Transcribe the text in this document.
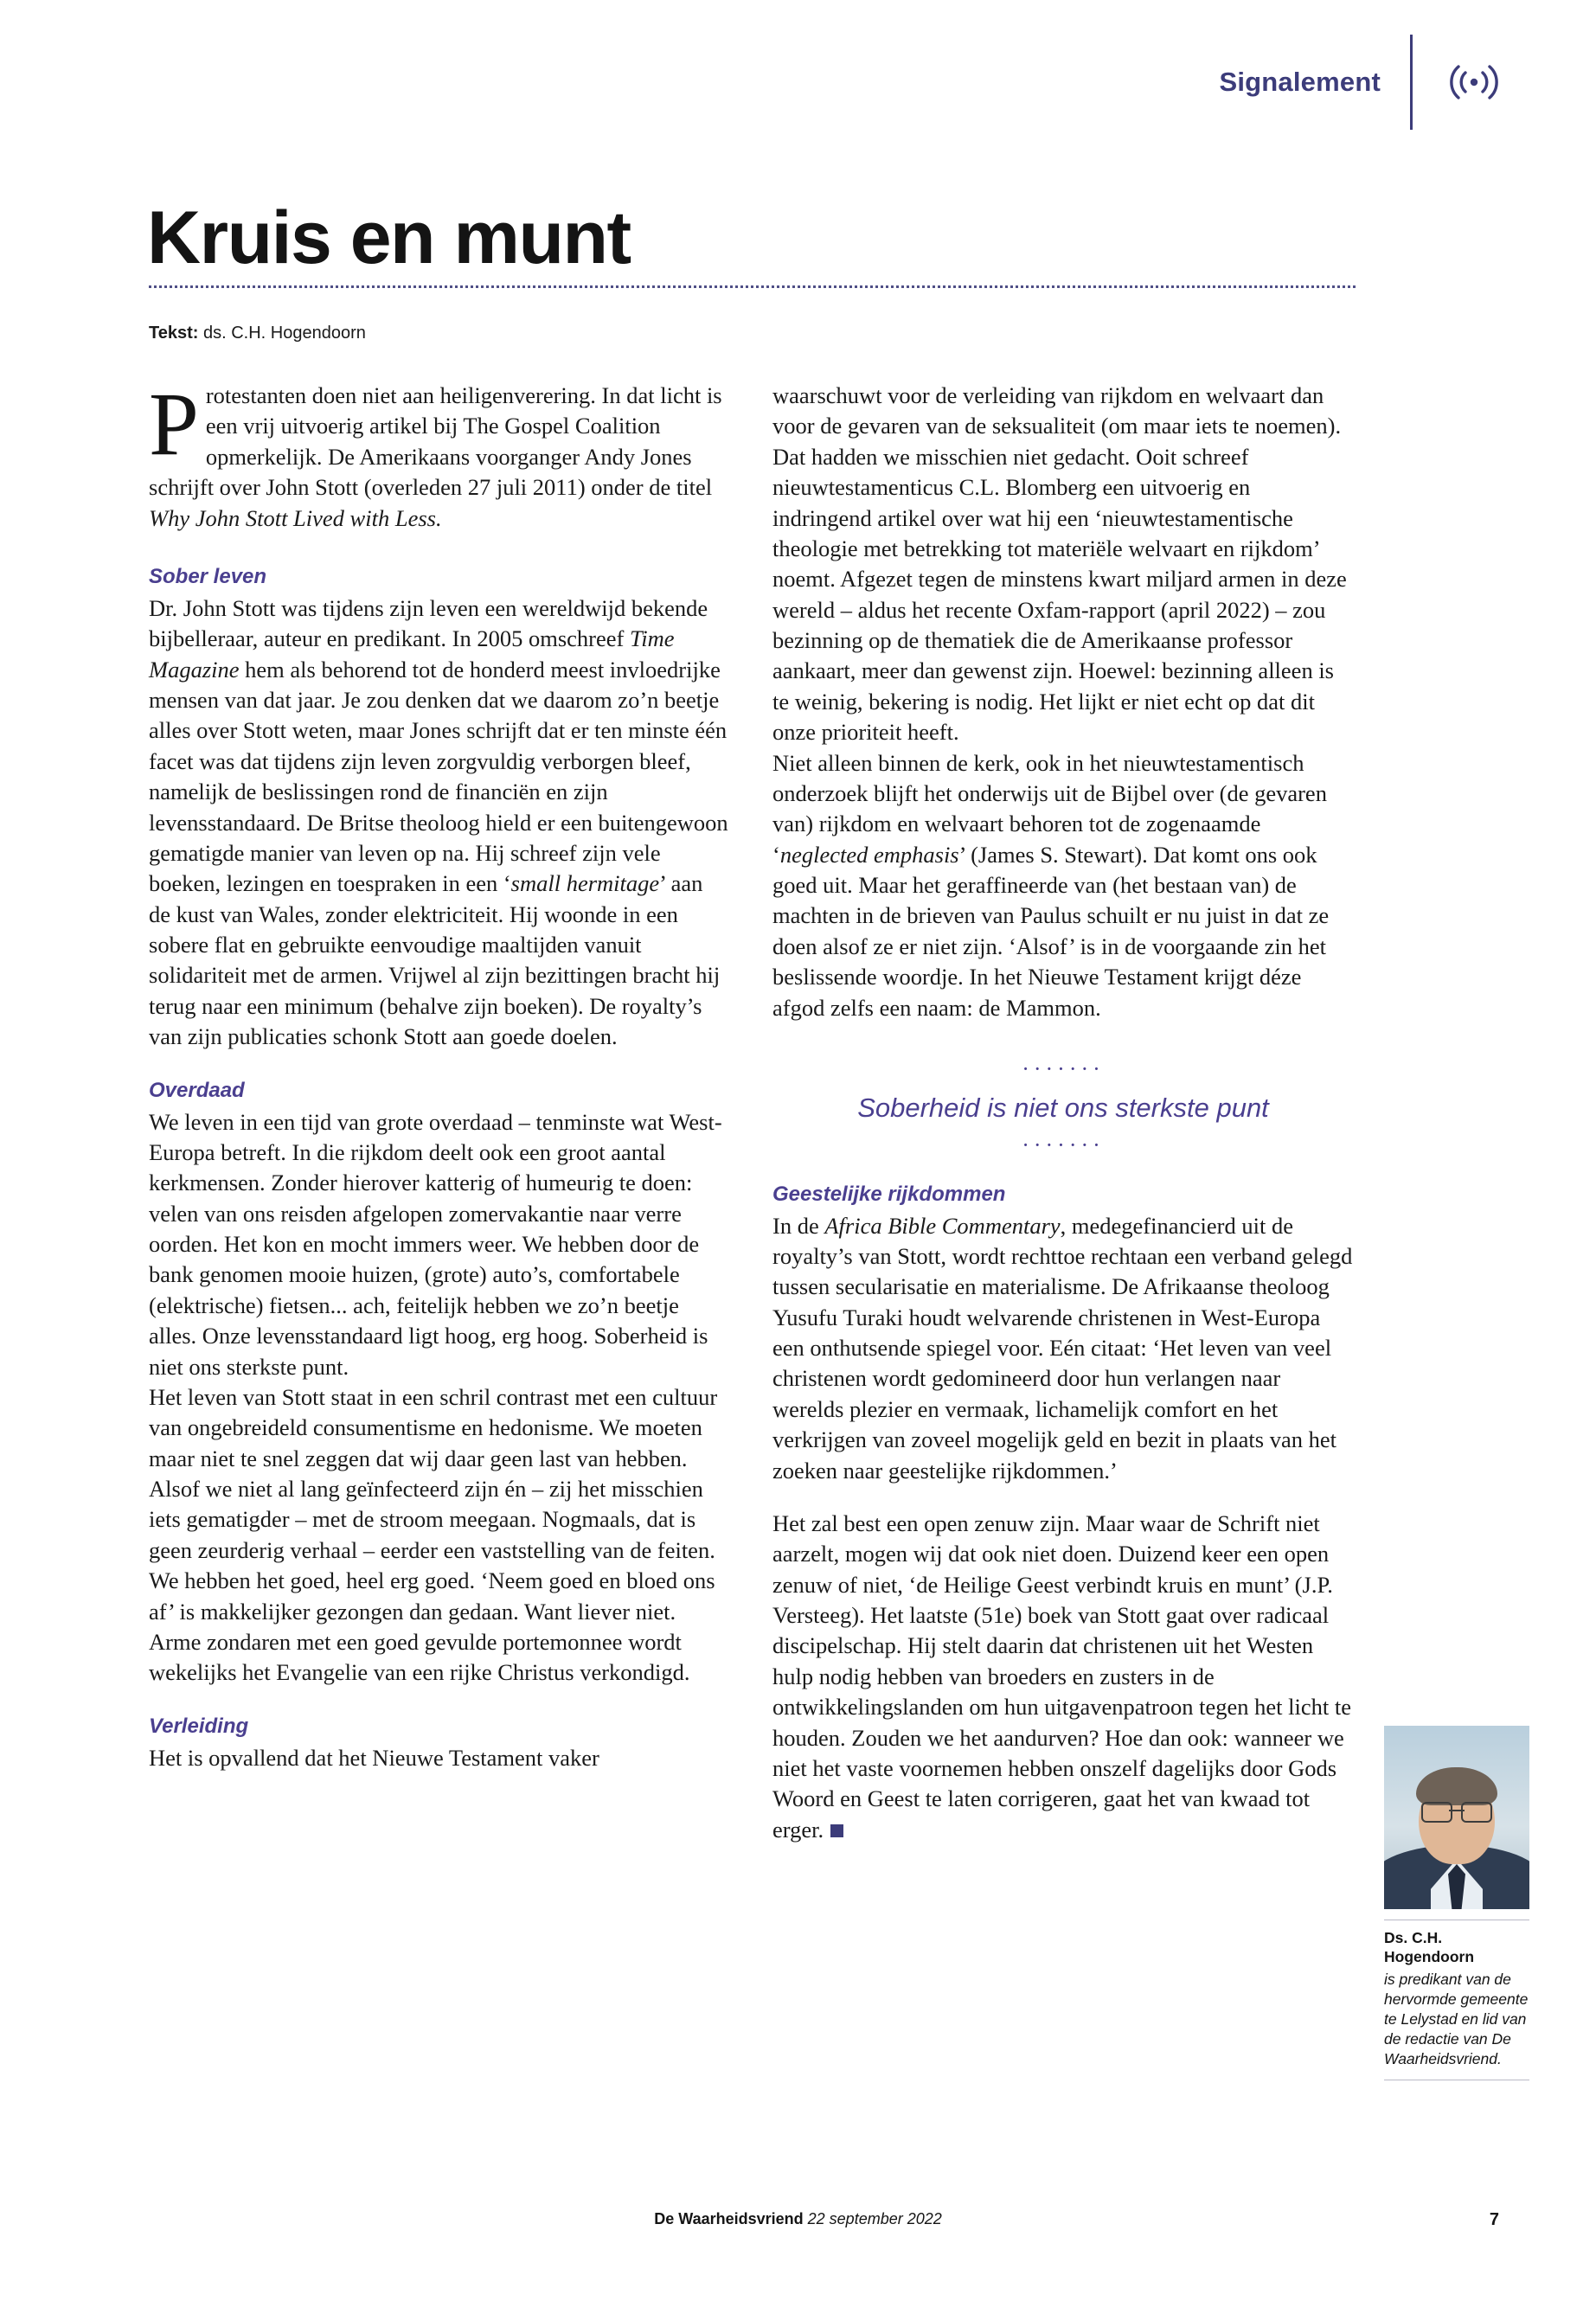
Signalement
Kruis en munt
Tekst: ds. C.H. Hogendoorn

Protestanten doen niet aan heiligenverering. In dat licht is een vrij uitvoerig artikel bij The Gospel Coalition opmerkelijk. De Amerikaans voorganger Andy Jones schrijft over John Stott (overleden 27 juli 2011) onder de titel Why John Stott Lived with Less.

Sober leven

Dr. John Stott was tijdens zijn leven een wereldwijd bekende bijbelleraar, auteur en predikant. In 2005 omschreef Time Magazine hem als behorend tot de honderd meest invloedrijke mensen van dat jaar. Je zou denken dat we daarom zo’n beetje alles over Stott weten, maar Jones schrijft dat er ten minste één facet was dat tijdens zijn leven zorgvuldig verborgen bleef, namelijk de beslissingen rond de financiën en zijn levensstandaard. De Britse theoloog hield er een buitengewoon gematigde manier van leven op na. Hij schreef zijn vele boeken, lezingen en toespraken in een ‘small hermitage’ aan de kust van Wales, zonder elektriciteit. Hij woonde in een sobere flat en gebruikte eenvoudige maaltijden vanuit solidariteit met de armen. Vrijwel al zijn bezittingen bracht hij terug naar een minimum (behalve zijn boeken). De royalty’s van zijn publicaties schonk Stott aan goede doelen.

Overdaad

We leven in een tijd van grote overdaad – tenminste wat West-Europa betreft. In die rijkdom deelt ook een groot aantal kerkmensen. Zonder hierover katterig of humeurig te doen: velen van ons reisden afgelopen zomervakantie naar verre oorden. Het kon en mocht immers weer. We hebben door de bank genomen mooie huizen, (grote) auto’s, comfortabele (elektrische) fietsen... ach, feitelijk hebben we zo’n beetje alles. Onze levensstandaard ligt hoog, erg hoog. Soberheid is niet ons sterkste punt.

Het leven van Stott staat in een schril contrast met een cultuur van ongebreideld consumentisme en hedonisme. We moeten maar niet te snel zeggen dat wij daar geen last van hebben. Alsof we niet al lang geïnfecteerd zijn én – zij het misschien iets gematigder – met de stroom meegaan. Nogmaals, dat is geen zeurderig verhaal – eerder een vaststelling van de feiten. We hebben het goed, heel erg goed. ‘Neem goed en bloed ons af’ is makkelijker gezongen dan gedaan. Want liever niet. Arme zondaren met een goed gevulde portemonnee wordt wekelijks het Evangelie van een rijke Christus verkondigd.

Verleiding

Het is opvallend dat het Nieuwe Testament vaker

waarschuwt voor de verleiding van rijkdom en welvaart dan voor de gevaren van de seksualiteit (om maar iets te noemen). Dat hadden we misschien niet gedacht. Ooit schreef nieuwtestamenticus C.L. Blomberg een uitvoerig en indringend artikel over wat hij een ‘nieuwtestamentische theologie met betrekking tot materiële welvaart en rijkdom’ noemt. Afgezet tegen de minstens kwart miljard armen in deze wereld – aldus het recente Oxfam-rapport (april 2022) – zou bezinning op de thematiek die de Amerikaanse professor aankaart, meer dan gewenst zijn. Hoewel: bezinning alleen is te weinig, bekering is nodig. Het lijkt er niet echt op dat dit onze prioriteit heeft.

Niet alleen binnen de kerk, ook in het nieuwtestamentisch onderzoek blijft het onderwijs uit de Bijbel over (de gevaren van) rijkdom en welvaart behoren tot de zogenaamde ‘neglected emphasis’ (James S. Stewart). Dat komt ons ook goed uit. Maar het geraffineerde van (het bestaan van) de machten in de brieven van Paulus schuilt er nu juist in dat ze doen alsof ze er niet zijn. ‘Alsof’ is in de voorgaande zin het beslissende woordje. In het Nieuwe Testament krijgt déze afgod zelfs een naam: de Mammon.

·······
Soberheid is niet ons sterkste punt
·······
Geestelijke rijkdommen

In de Africa Bible Commentary, medegefinancierd uit de royalty’s van Stott, wordt rechttoe rechtaan een verband gelegd tussen secularisatie en materialisme. De Afrikaanse theoloog Yusufu Turaki houdt welvarende christenen in West-Europa een onthutsende spiegel voor. Eén citaat: ‘Het leven van veel christenen wordt gedomineerd door hun verlangen naar werelds plezier en vermaak, lichamelijk comfort en het verkrijgen van zoveel mogelijk geld en bezit in plaats van het zoeken naar geestelijke rijkdommen.’

Het zal best een open zenuw zijn. Maar waar de Schrift niet aarzelt, mogen wij dat ook niet doen. Duizend keer een open zenuw of niet, ‘de Heilige Geest verbindt kruis en munt’ (J.P. Versteeg). Het laatste (51e) boek van Stott gaat over radicaal discipelschap. Hij stelt daarin dat christenen uit het Westen hulp nodig hebben van broeders en zusters in de ontwikkelingslanden om hun uitgavenpatroon tegen het licht te houden. Zouden we het aandurven? Hoe dan ook: wanneer we niet het vaste voornemen hebben onszelf dagelijks door Gods Woord en Geest te laten corrigeren, gaat het van kwaad tot erger.

Ds. C.H. Hogendoorn
is predikant van de hervormde gemeente te Lelystad en lid van de redactie van De Waarheidsvriend.
De Waarheidsvriend 22 september 2022	7
